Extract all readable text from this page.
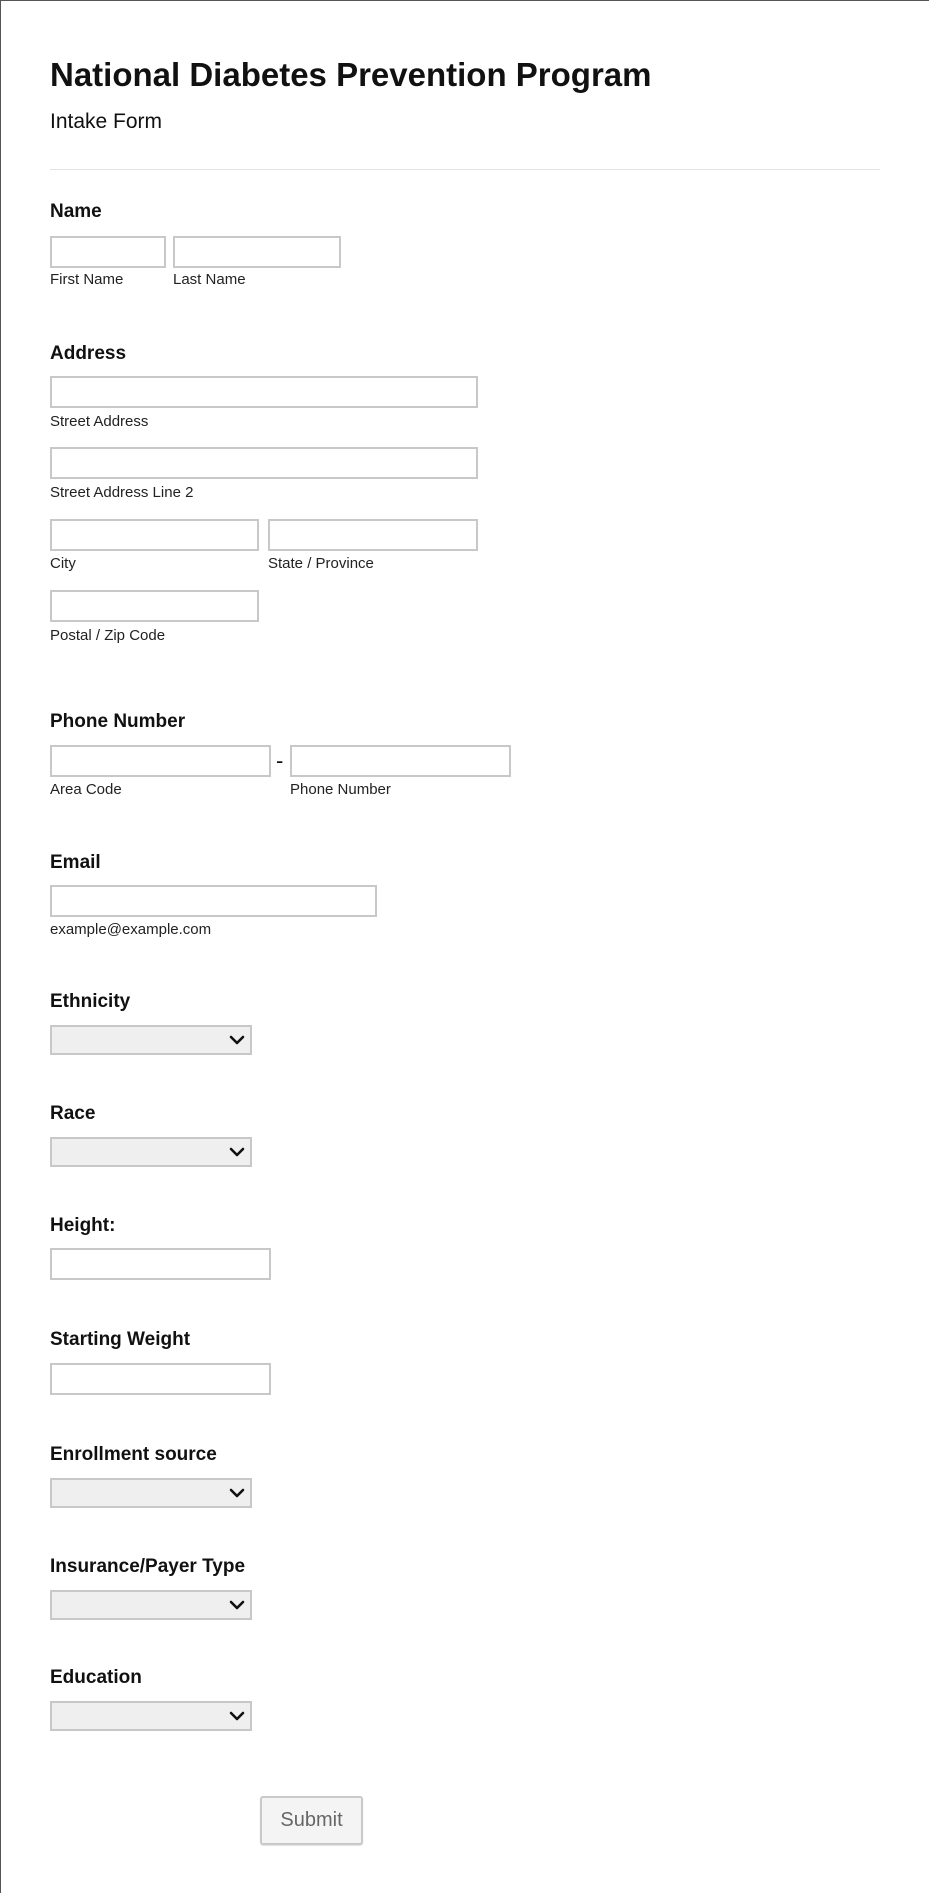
National Diabetes Prevention Program
Intake Form
Name
First Name	Last Name
Address
Street Address
Street Address Line 2
City	State / Province
Postal / Zip Code
Phone Number
-
Area Code	Phone Number
Email
example@example.com
Ethnicity
Race
Height:
Starting Weight
Enrollment source
Insurance/Payer Type
Education
Submit
